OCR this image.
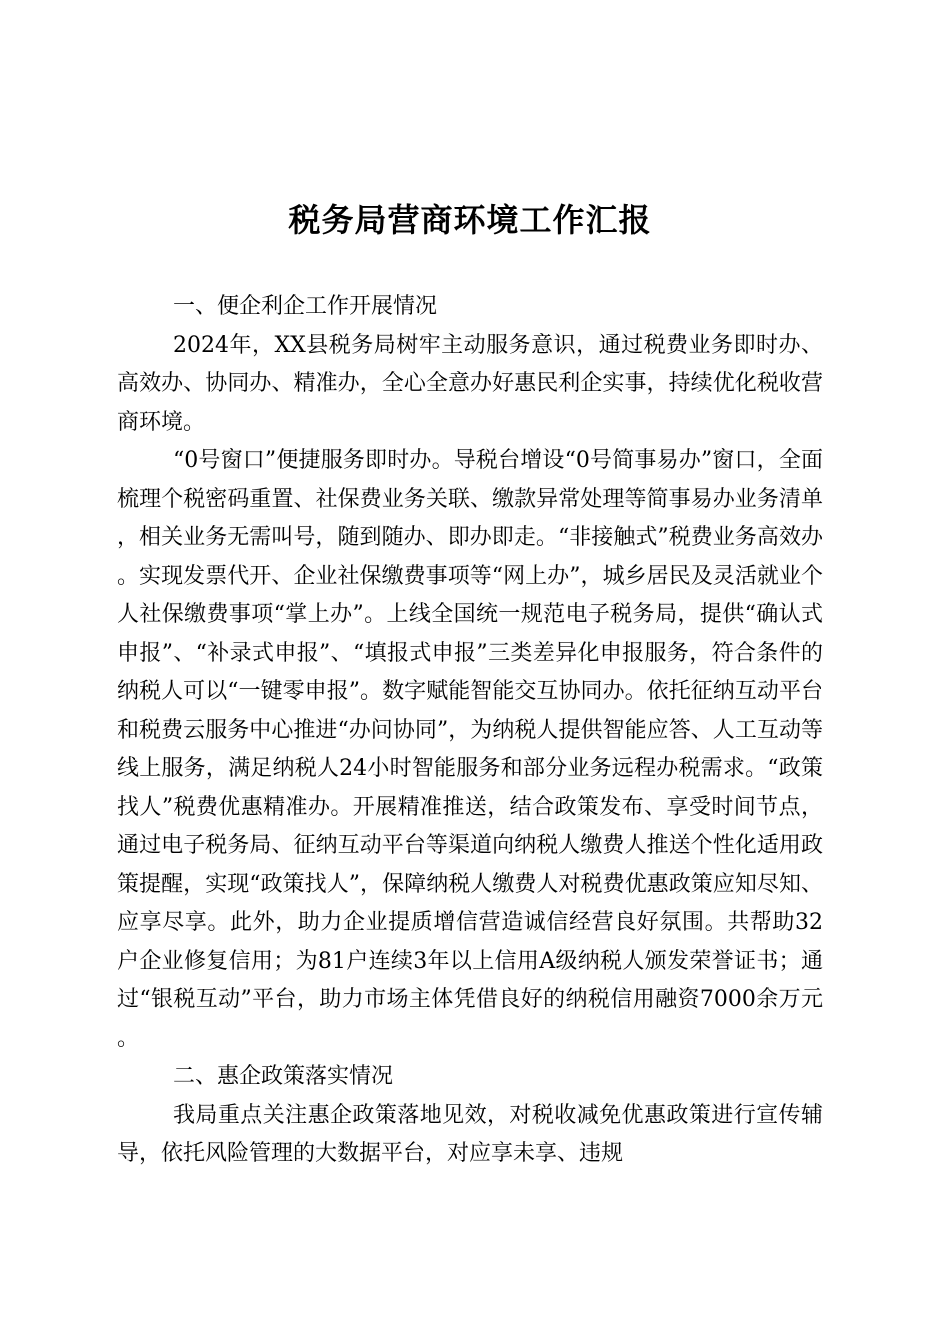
税务局营商环境工作汇报
一、便企利企工作开展情况

2024年，XX县税务局树牢主动服务意识，通过税费业务即时办、高效办、协同办、精准办，全心全意办好惠民利企实事，持续优化税收营商环境。

“0号窗口”便捷服务即时办。导税台增设“0号简事易办”窗口，全面梳理个税密码重置、社保费业务关联、缴款异常处理等简事易办业务清单，相关业务无需叫号，随到随办、即办即走。“非接触式”税费业务高效办。实现发票代开、企业社保缴费事项等“网上办”，城乡居民及灵活就业个人社保缴费事项“掌上办”。上线全国统一规范电子税务局，提供“确认式申报”、“补录式申报”、“填报式申报”三类差异化申报服务，符合条件的纳税人可以“一键零申报”。数字赋能智能交互协同办。依托征纳互动平台和税费云服务中心推进“办问协同”，为纳税人提供智能应答、人工互动等线上服务，满足纳税人24小时智能服务和部分业务远程办税需求。“政策找人”税费优惠精准办。开展精准推送，结合政策发布、享受时间节点，通过电子税务局、征纳互动平台等渠道向纳税人缴费人推送个性化适用政策提醒，实现“政策找人”，保障纳税人缴费人对税费优惠政策应知尽知、应享尽享。此外，助力企业提质增信营造诚信经营良好氛围。共帮助32户企业修复信用；为81户连续3年以上信用A级纳税人颁发荣誉证书；通过“银税互动”平台，助力市场主体凭借良好的纳税信用融资7000余万元。

二、惠企政策落实情况

我局重点关注惠企政策落地见效，对税收减免优惠政策进行宣传辅导，依托风险管理的大数据平台，对应享未享、违规
